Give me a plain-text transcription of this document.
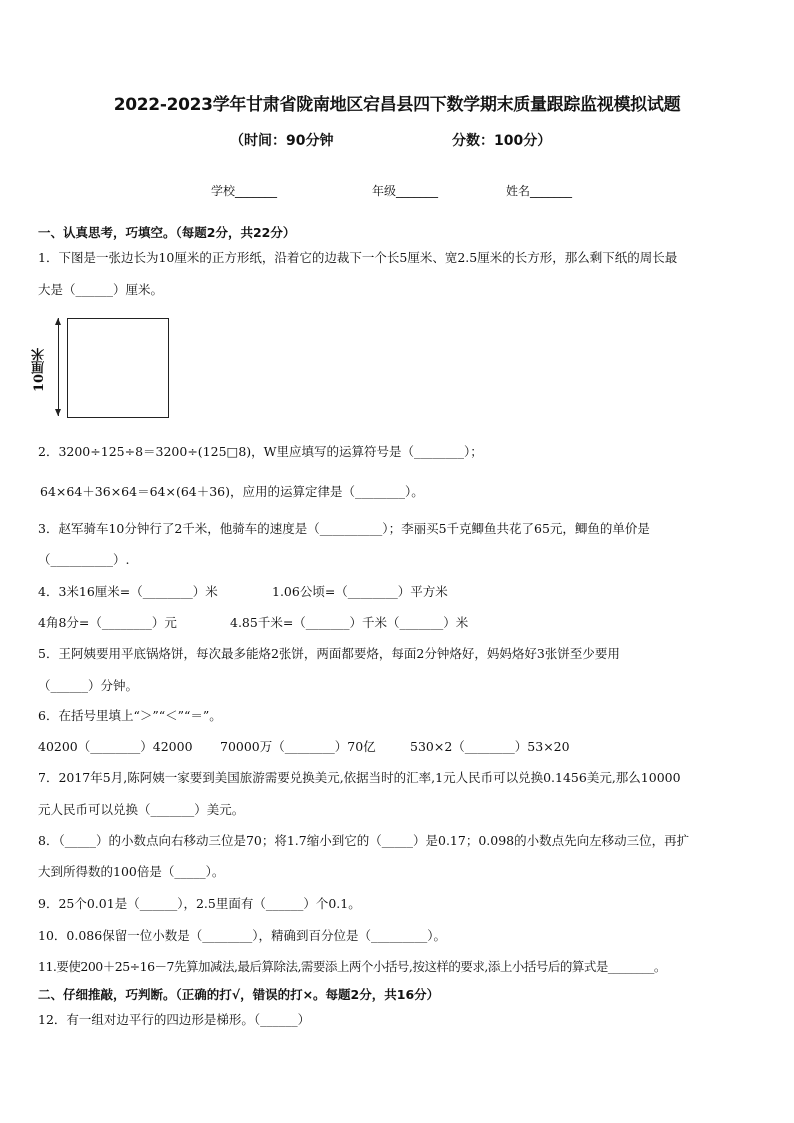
2022-2023学年甘肃省陇南地区宕昌县四下数学期末质量跟踪监视模拟试题
（时间：90分钟	分数：100分）
学校_______	年级_______	姓名_______
一、认真思考，巧填空。（每题2分，共22分）
1．下图是一张边长为10厘米的正方形纸，沿着它的边裁下一个长5厘米、宽2.5厘米的长方形，那么剩下纸的周长最
大是（______）厘米。
10厘米
2．3200÷125÷8＝3200÷(125□8)，W里应填写的运算符号是（________）；
64×64＋36×64＝64×(64＋36)，应用的运算定律是（________）。
3．赵军骑车10分钟行了2千米，他骑车的速度是（__________）；李丽买5千克鲫鱼共花了65元，鲫鱼的单价是
（__________）.
4．3米16厘米=（________）米	1.06公顷=（________）平方米
4角8分=（________）元	4.85千米=（_______）千米（_______）米
5．王阿姨要用平底锅烙饼，每次最多能烙2张饼，两面都要烙，每面2分钟烙好，妈妈烙好3张饼至少要用
（______）分钟。
6．在括号里填上“＞”“＜”“＝”。
40200（________）42000 70000万（________）70亿	530×2（________）53×20
7．2017年5月,陈阿姨一家要到美国旅游需要兑换美元,依据当时的汇率,1元人民币可以兑换0.1456美元,那么10000
元人民币可以兑换（_______）美元。
8．（_____）的小数点向右移动三位是70；将1.7缩小到它的（_____）是0.17；0.098的小数点先向左移动三位，再扩
大到所得数的100倍是（_____）。
9．25个0.01是（______），2.5里面有（______）个0.1。
10．0.086保留一位小数是（________），精确到百分位是（_________）。
11.要使200＋25÷16－7先算加减法,最后算除法,需要添上两个小括号,按这样的要求,添上小括号后的算式是________。
二、仔细推敲，巧判断。（正确的打√，错误的打×。每题2分，共16分）
12．有一组对边平行的四边形是梯形。（______）
